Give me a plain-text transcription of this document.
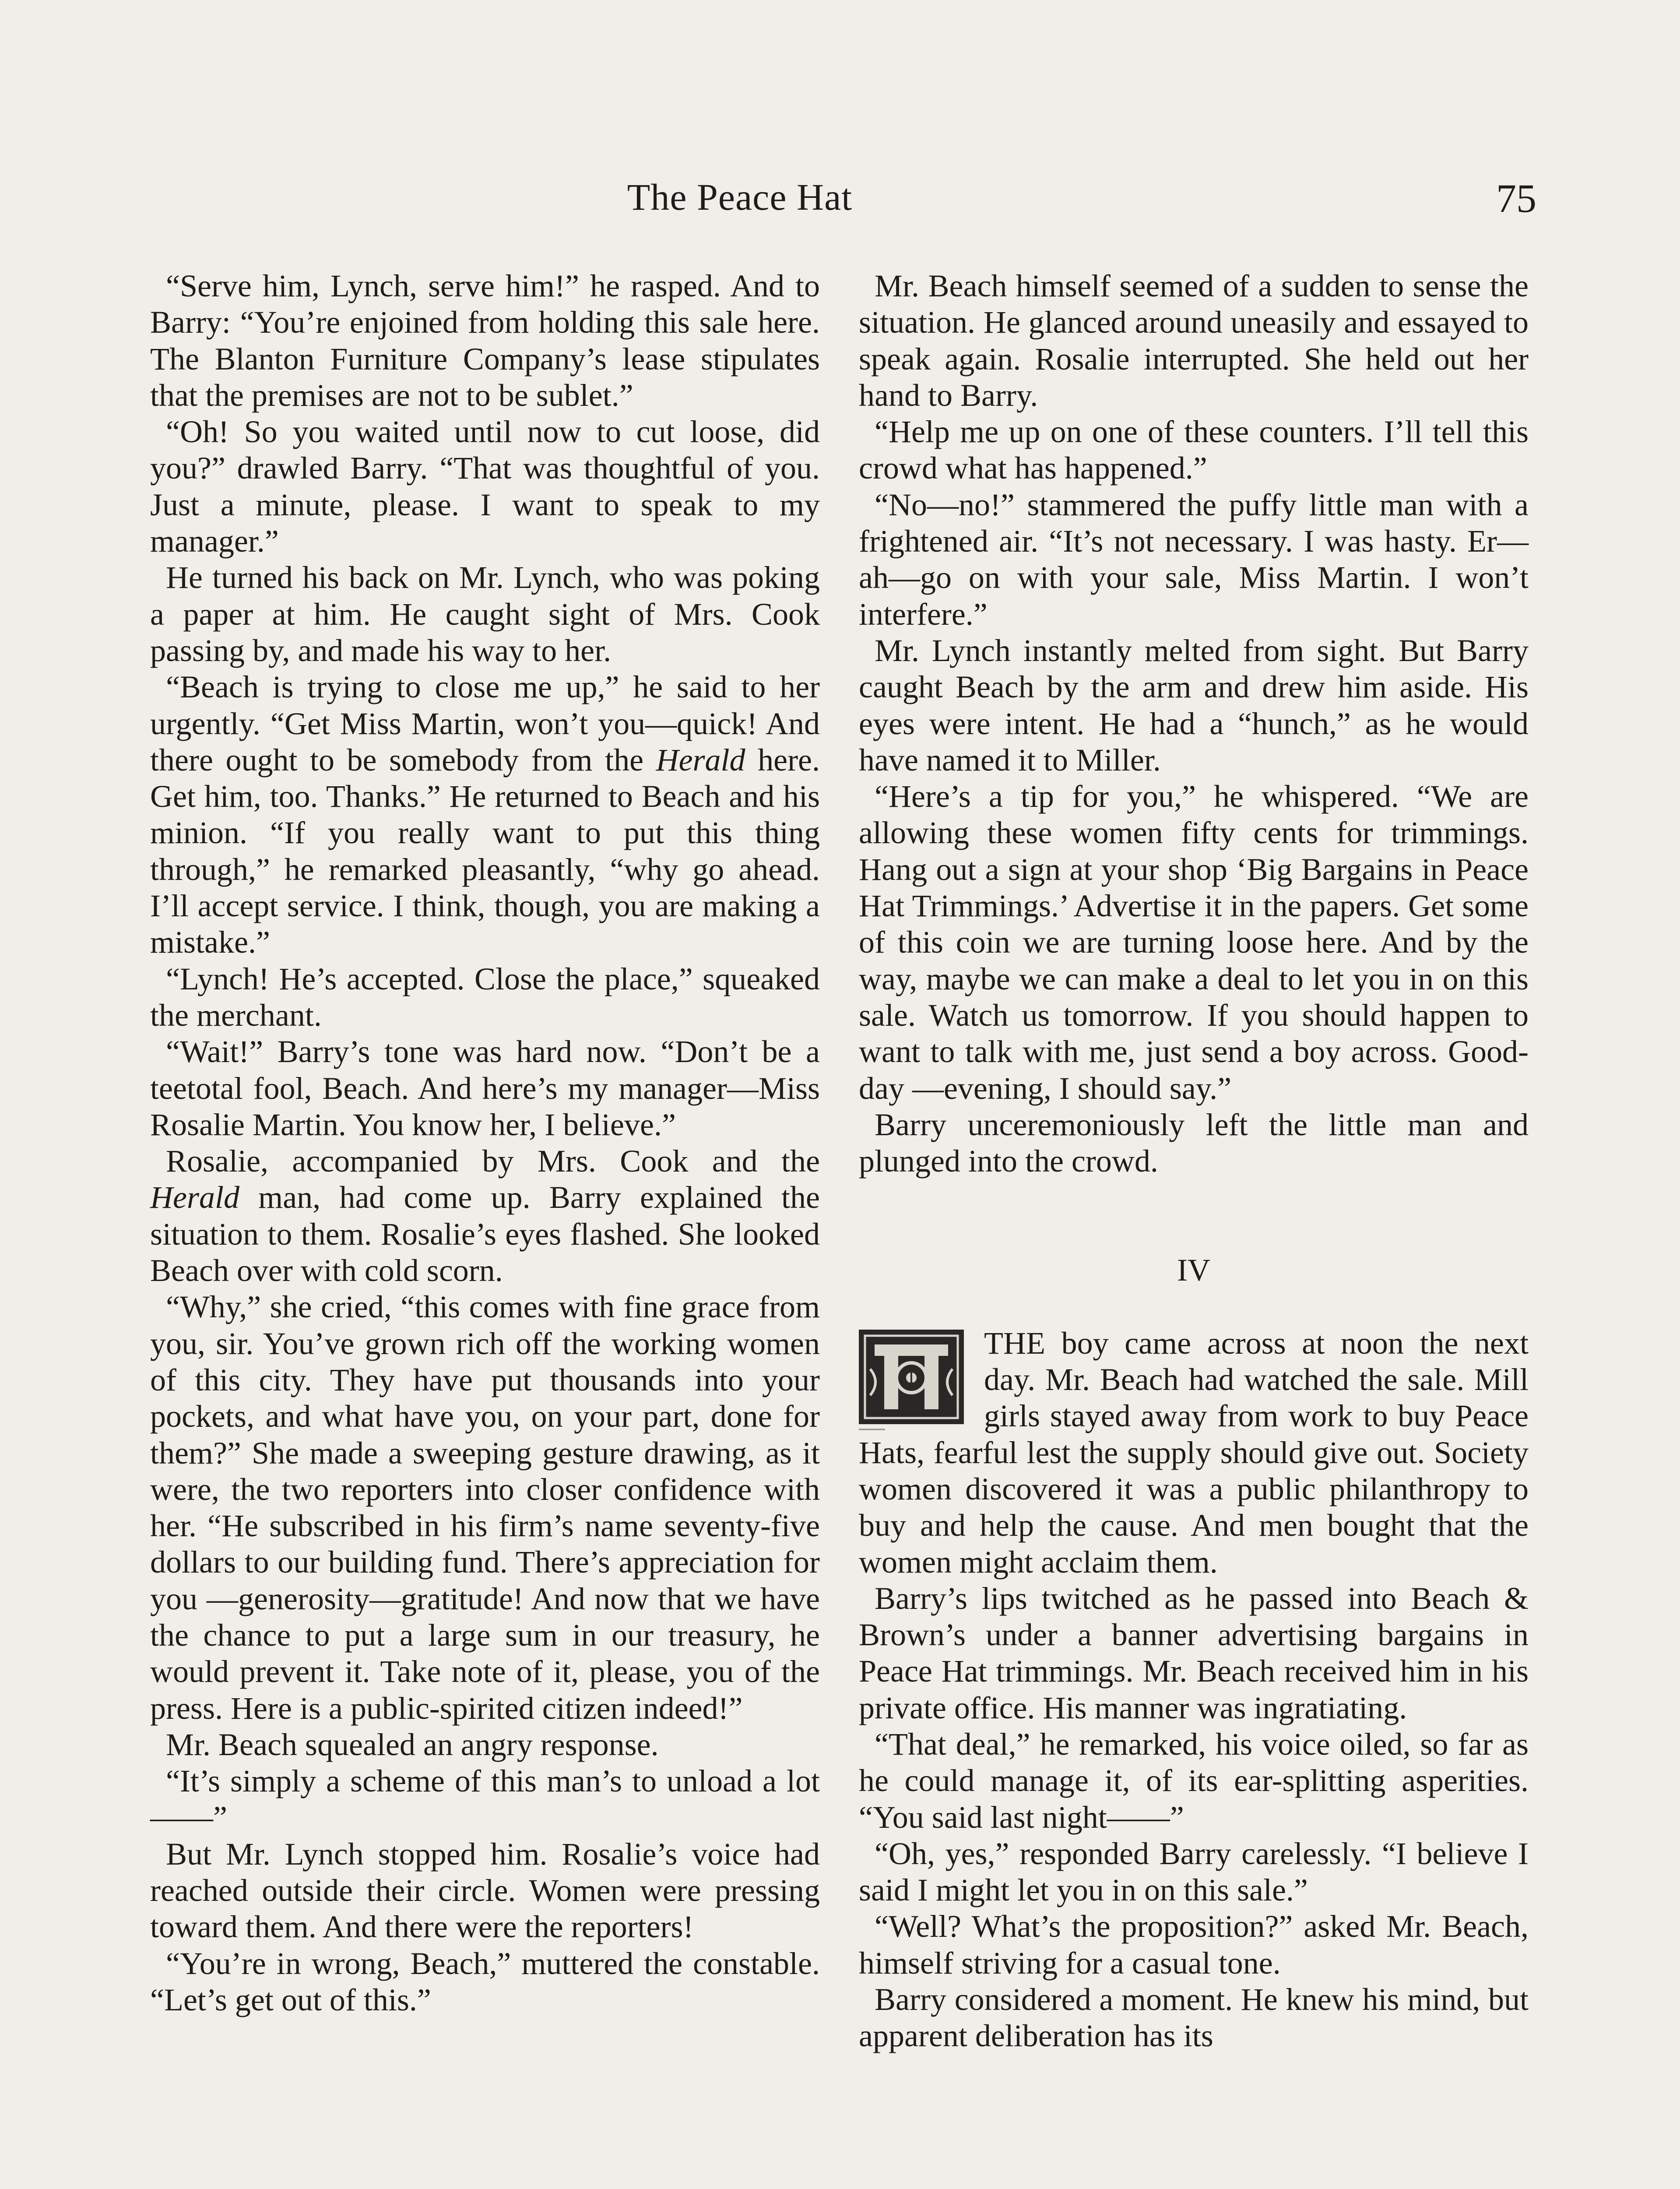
The Peace Hat	75

“Serve him, Lynch, serve him!” he rasped. And to Barry: “You’re enjoined from holding this sale here. The Blanton Furniture Company’s lease stipulates that the premises are not to be sublet.”

“Oh! So you waited until now to cut loose, did you?” drawled Barry. “That was thoughtful of you. Just a minute, please. I want to speak to my manager.”

He turned his back on Mr. Lynch, who was poking a paper at him. He caught sight of Mrs. Cook passing by, and made his way to her.

“Beach is trying to close me up,” he said to her urgently. “Get Miss Martin, won’t you—quick! And there ought to be somebody from the Herald here. Get him, too. Thanks.” He returned to Beach and his minion. “If you really want to put this thing through,” he remarked pleasantly, “why go ahead. I’ll accept service. I think, though, you are making a mistake.”

“Lynch! He’s accepted. Close the place,” squeaked the merchant.

“Wait!” Barry’s tone was hard now. “Don’t be a teetotal fool, Beach. And here’s my manager—Miss Rosalie Martin. You know her, I believe.”

Rosalie, accompanied by Mrs. Cook and the Herald man, had come up. Barry explained the situation to them. Rosalie’s eyes flashed. She looked Beach over with cold scorn.

“Why,” she cried, “this comes with fine grace from you, sir. You’ve grown rich off the working women of this city. They have put thousands into your pockets, and what have you, on your part, done for them?” She made a sweeping gesture drawing, as it were, the two reporters into closer confidence with her. “He subscribed in his firm’s name seventy-five dollars to our building fund. There’s appreciation for you —generosity—gratitude! And now that we have the chance to put a large sum in our treasury, he would prevent it. Take note of it, please, you of the press. Here is a public-spirited citizen indeed!”

Mr. Beach squealed an angry response.

“It’s simply a scheme of this man’s to unload a lot——”

But Mr. Lynch stopped him. Rosalie’s voice had reached outside their circle. Women were pressing toward them. And there were the reporters!

“You’re in wrong, Beach,” muttered the constable. “Let’s get out of this.”

Mr. Beach himself seemed of a sudden to sense the situation. He glanced around uneasily and essayed to speak again. Rosalie interrupted. She held out her hand to Barry.

“Help me up on one of these counters. I’ll tell this crowd what has happened.”

“No—no!” stammered the puffy little man with a frightened air. “It’s not necessary. I was hasty. Er—ah—go on with your sale, Miss Martin. I won’t interfere.”

Mr. Lynch instantly melted from sight. But Barry caught Beach by the arm and drew him aside. His eyes were intent. He had a “hunch,” as he would have named it to Miller.

“Here’s a tip for you,” he whispered. “We are allowing these women fifty cents for trimmings. Hang out a sign at your shop ‘Big Bargains in Peace Hat Trimmings.’ Advertise it in the papers. Get some of this coin we are turning loose here. And by the way, maybe we can make a deal to let you in on this sale. Watch us tomorrow. If you should happen to want to talk with me, just send a boy across. Good-day —evening, I should say.”

Barry unceremoniously left the little man and plunged into the crowd.

IV
T

THE boy came across at noon the next day. Mr. Beach had watched the sale. Mill girls stayed away from work to buy Peace Hats, fearful lest the supply should give out. Society women discovered it was a public philanthropy to buy and help the cause. And men bought that the women might acclaim them.

Barry’s lips twitched as he passed into Beach & Brown’s under a banner advertising bargains in Peace Hat trimmings. Mr. Beach received him in his private office. His manner was ingratiating.

“That deal,” he remarked, his voice oiled, so far as he could manage it, of its ear-splitting asperities. “You said last night——”

“Oh, yes,” responded Barry carelessly. “I believe I said I might let you in on this sale.”

“Well? What’s the proposition?” asked Mr. Beach, himself striving for a casual tone.

Barry considered a moment. He knew his mind, but apparent deliberation has its
